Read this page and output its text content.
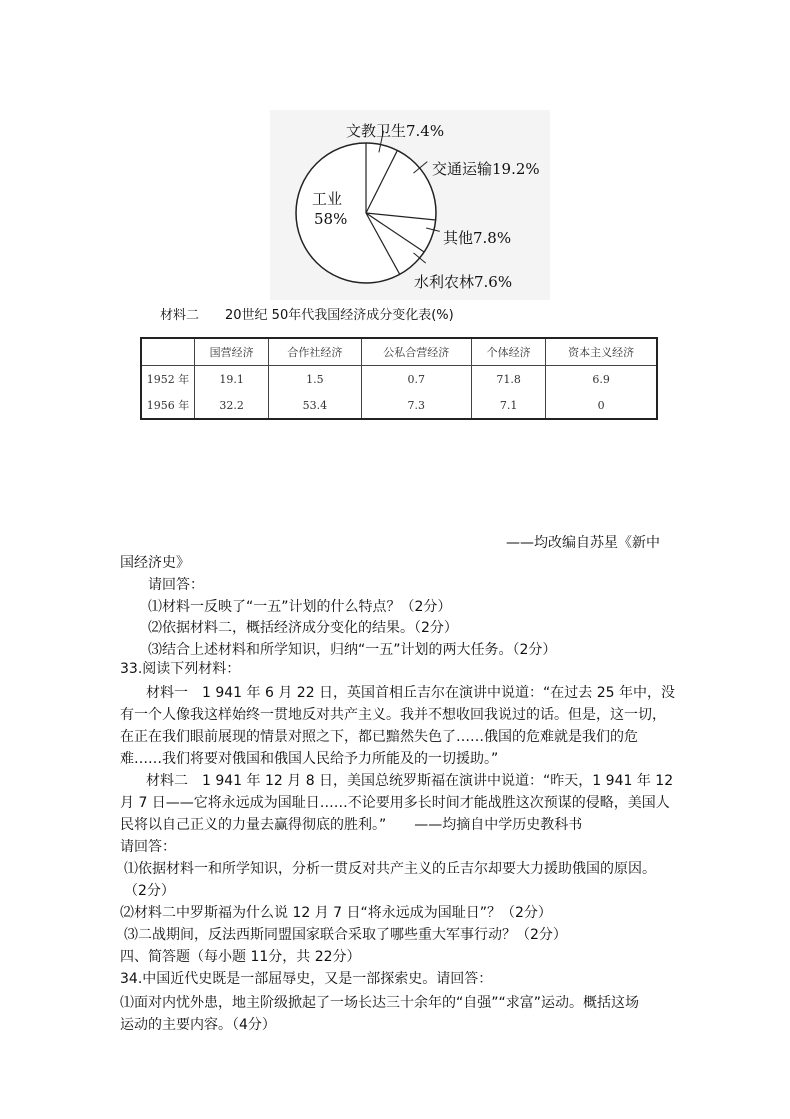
文教卫生7.4%
交通运输19.2%
其他7.8%
水利农林7.6%
工业
58%
材料二　　20世纪 50年代我国经济成分变化表(%)
	国营经济	合作社经济	公私合营经济	个体经济	资本主义经济
1952 年	19.1	1.5	0.7	71.8	6.9
1956 年	32.2	53.4	7.3	7.1	0
——均改编自苏星《新中
国经济史》
请回答：
⑴材料一反映了“一五”计划的什么特点？（2分）
⑵依据材料二，概括经济成分变化的结果。（2分）
⑶结合上述材料和所学知识，归纳“一五”计划的两大任务。（2分）
33.阅读下列材料：
材料一　1 941 年 6 月 22 日，英国首相丘吉尔在演讲中说道：“在过去 25 年中，没
有一个人像我这样始终一贯地反对共产主义。我并不想收回我说过的话。但是，这一切，
在正在我们眼前展现的情景对照之下，都已黯然失色了……俄国的危难就是我们的危
难……我们将要对俄国和俄国人民给予力所能及的一切援助。”
材料二　1 941 年 12 月 8 日，美国总统罗斯福在演讲中说道：“昨天，1 941 年 12
月 7 日——它将永远成为国耻日……不论要用多长时间才能战胜这次预谋的侵略，美国人
民将以自己正义的力量去赢得彻底的胜利。”　　——均摘自中学历史教科书
请回答：
⑴依据材料一和所学知识，分析一贯反对共产主义的丘吉尔却要大力援助俄国的原因。
（2分）
⑵材料二中罗斯福为什么说 12 月 7 日“将永远成为国耻日”？（2分）
⑶二战期间，反法西斯同盟国家联合采取了哪些重大军事行动？（2分）
四、简答题（每小题 11分，共 22分）
34.中国近代史既是一部屈辱史，又是一部探索史。请回答：
⑴面对内忧外患，地主阶级掀起了一场长达三十余年的“自强”“求富”运动。概括这场
运动的主要内容。（4分）
